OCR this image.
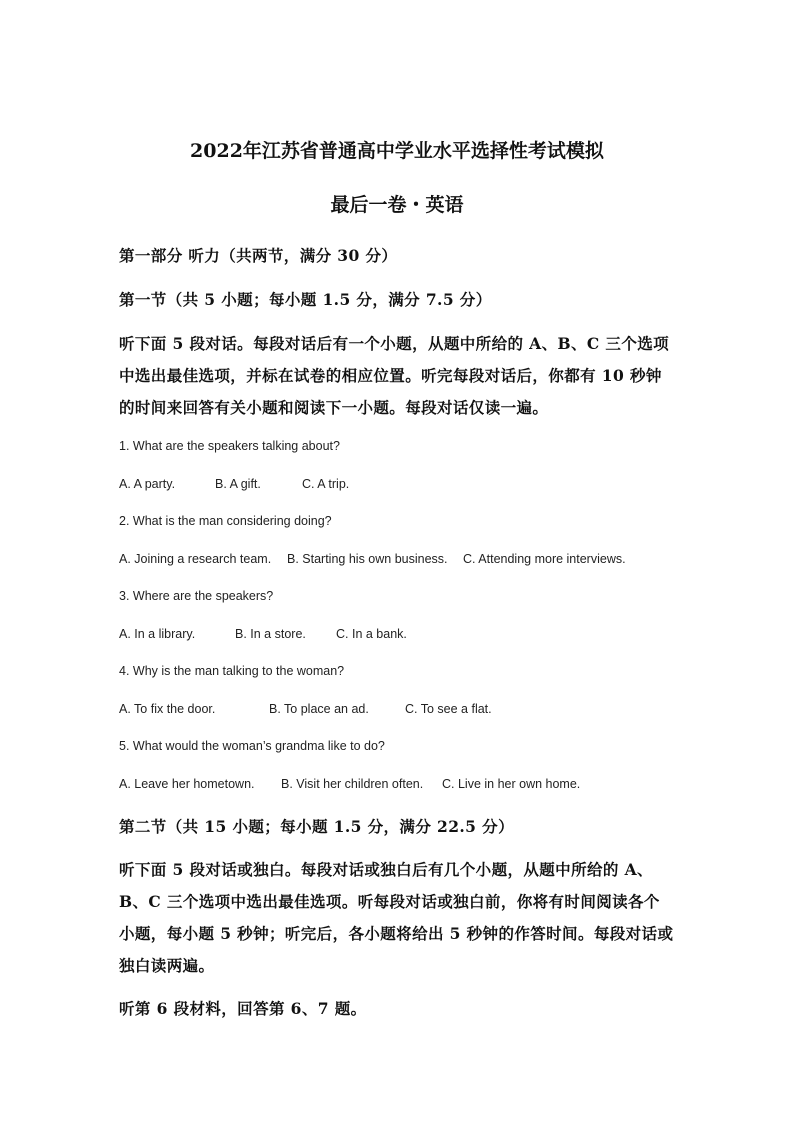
2022年江苏省普通高中学业水平选择性考试模拟
最后一卷・英语
第一部分 听力（共两节，满分 30 分）
第一节（共 5 小题；每小题 1.5 分，满分 7.5 分）
听下面 5 段对话。每段对话后有一个小题，从题中所给的 A、B、C 三个选项
中选出最佳选项，并标在试卷的相应位置。听完每段对话后，你都有 10 秒钟
的时间来回答有关小题和阅读下一小题。每段对话仅读一遍。
1. What are the speakers talking about?
A. A party.	B. A gift.	C. A trip.
2. What is the man considering doing?
A. Joining a research team. B. Starting his own business. C. Attending more interviews.
3. Where are the speakers?
A. In a library.	B. In a store. C. In a bank.
4. Why is the man talking to the woman?
A. To fix the door.	B. To place an ad.	C. To see a flat.
5. What would the woman’s grandma like to do?
A. Leave her hometown. B. Visit her children often. C. Live in her own home.
第二节（共 15 小题；每小题 1.5 分，满分 22.5 分）
听下面 5 段对话或独白。每段对话或独白后有几个小题，从题中所给的 A、
B、C 三个选项中选出最佳选项。听每段对话或独白前，你将有时间阅读各个
小题，每小题 5 秒钟；听完后，各小题将给出 5 秒钟的作答时间。每段对话或
独白读两遍。
听第 6 段材料，回答第 6、7 题。
